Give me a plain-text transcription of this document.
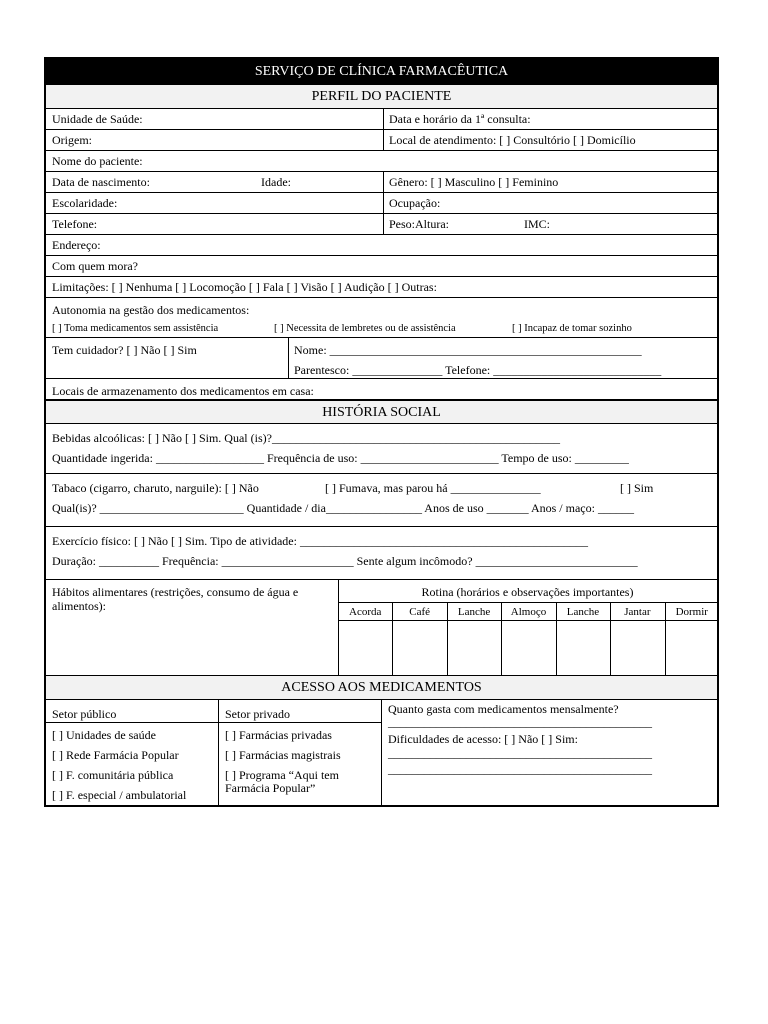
SERVIÇO DE CLÍNICA FARMACÊUTICA
PERFIL DO PACIENTE
Unidade de Saúde:	Data e horário da 1ª consulta:
Origem:	Local de atendimento: [ ] Consultório [ ] Domicílio
Nome do paciente:
Data de nascimento:	Idade:	Gênero: [ ] Masculino [ ] Feminino
Escolaridade:	Ocupação:
Telefone:	Peso:Altura:	IMC:
Endereço:
Com quem mora?
Limitações: [ ] Nenhuma [ ] Locomoção [ ] Fala [ ] Visão [ ] Audição [ ] Outras:
Autonomia na gestão dos medicamentos:
[ ] Toma medicamentos sem assistência	[ ] Necessita de lembretes ou de assistência	[ ] Incapaz de tomar sozinho
Tem cuidador? [ ] Não [ ] Sim	Nome: ____________________________________________________
Parentesco: _______________ Telefone: ____________________________
Locais de armazenamento dos medicamentos em casa:
HISTÓRIA SOCIAL
Bebidas alcoólicas: [ ] Não [ ] Sim. Qual (is)?________________________________________________
Quantidade ingerida: __________________ Frequência de uso: _______________________ Tempo de uso: _________
Tabaco (cigarro, charuto, narguile): [ ] Não	[ ] Fumava, mas parou há _______________	[ ] Sim
Qual(is)? ________________________ Quantidade / dia________________ Anos de uso _______ Anos / maço: ______
Exercício físico: [ ] Não [ ] Sim. Tipo de atividade: ________________________________________________
Duração: __________ Frequência: ______________________ Sente algum incômodo? ___________________________
Hábitos alimentares (restrições, consumo de água e alimentos):
Rotina (horários e observações importantes)
Acorda	Café	Lanche	Almoço	Lanche	Jantar	Dormir
ACESSO AOS MEDICAMENTOS
Setor público	Setor privado
[ ] Unidades de saúde
[ ] Rede Farmácia Popular
[ ] F. comunitária pública
[ ] F. especial / ambulatorial
[ ] Farmácias privadas
[ ] Farmácias magistrais
[ ] Programa “Aqui tem
Farmácia Popular”
Quanto gasta com medicamentos mensalmente?
____________________________________________
Dificuldades de acesso: [ ] Não [ ] Sim:
____________________________________________
____________________________________________
